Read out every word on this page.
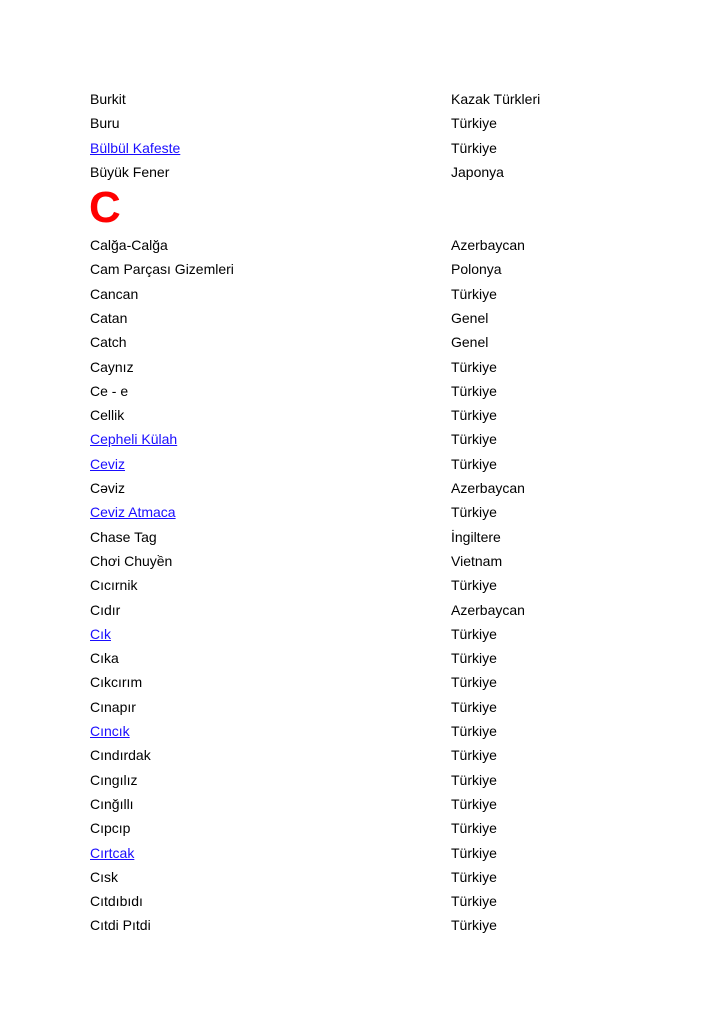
Burkit	Kazak Türkleri
Buru	Türkiye
Bülbül Kafeste	Türkiye
Büyük Fener	Japonya
C
Calğa-Calğa	Azerbaycan
Cam Parçası Gizemleri	Polonya
Cancan	Türkiye
Catan	Genel
Catch	Genel
Caynız	Türkiye
Ce - e	Türkiye
Cellik	Türkiye
Cepheli Külah	Türkiye
Ceviz	Türkiye
Cəviz	Azerbaycan
Ceviz Atmaca	Türkiye
Chase Tag	İngiltere
Chơi Chuyền	Vietnam
Cıcırnik	Türkiye
Cıdır	Azerbaycan
Cık	Türkiye
Cıka	Türkiye
Cıkcırım	Türkiye
Cınapır	Türkiye
Cıncık	Türkiye
Cındırdak	Türkiye
Cıngılız	Türkiye
Cınğıllı	Türkiye
Cıpcıp	Türkiye
Cırtcak	Türkiye
Cısk	Türkiye
Cıtdıbıdı	Türkiye
Cıtdi Pıtdi	Türkiye
